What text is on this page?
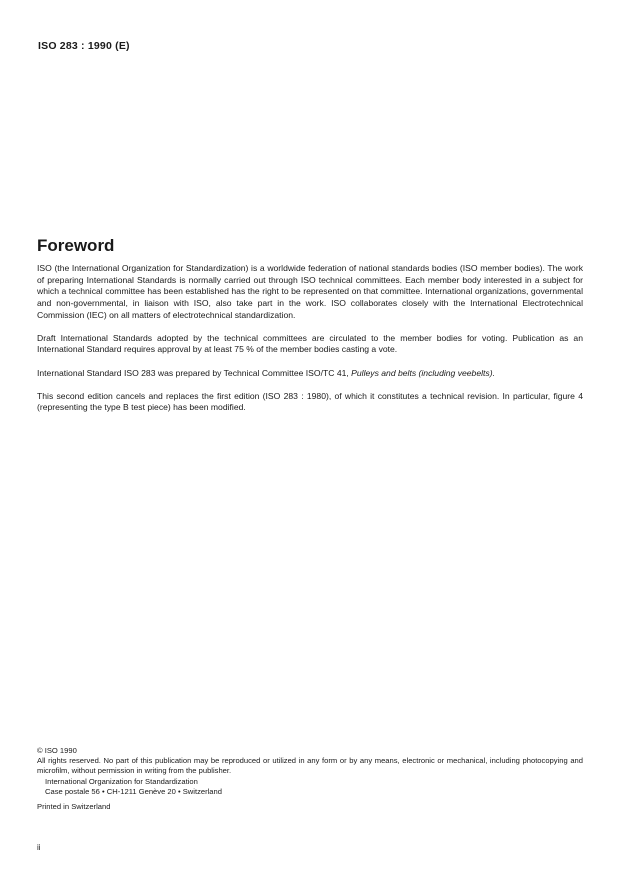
ISO 283 : 1990 (E)
Foreword

ISO (the International Organization for Standardization) is a worldwide federation of national standards bodies (ISO member bodies). The work of preparing International Standards is normally carried out through ISO technical committees. Each member body interested in a subject for which a technical committee has been established has the right to be represented on that committee. International organizations, governmental and non-governmental, in liaison with ISO, also take part in the work. ISO collaborates closely with the International Electrotechnical Commission (IEC) on all matters of electrotechnical standardization.

Draft International Standards adopted by the technical committees are circulated to the member bodies for voting. Publication as an International Standard requires approval by at least 75 % of the member bodies casting a vote.

International Standard ISO 283 was prepared by Technical Committee ISO/TC 41, Pulleys and belts (including veebelts).

This second edition cancels and replaces the first edition (ISO 283 : 1980), of which it constitutes a technical revision. In particular, figure 4 (representing the type B test piece) has been modified.

© ISO 1990
All rights reserved. No part of this publication may be reproduced or utilized in any form or by any means, electronic or mechanical, including photocopying and microfilm, without permission in writing from the publisher.
International Organization for Standardization
Case postale 56 • CH-1211 Genève 20 • Switzerland
Printed in Switzerland
ii
